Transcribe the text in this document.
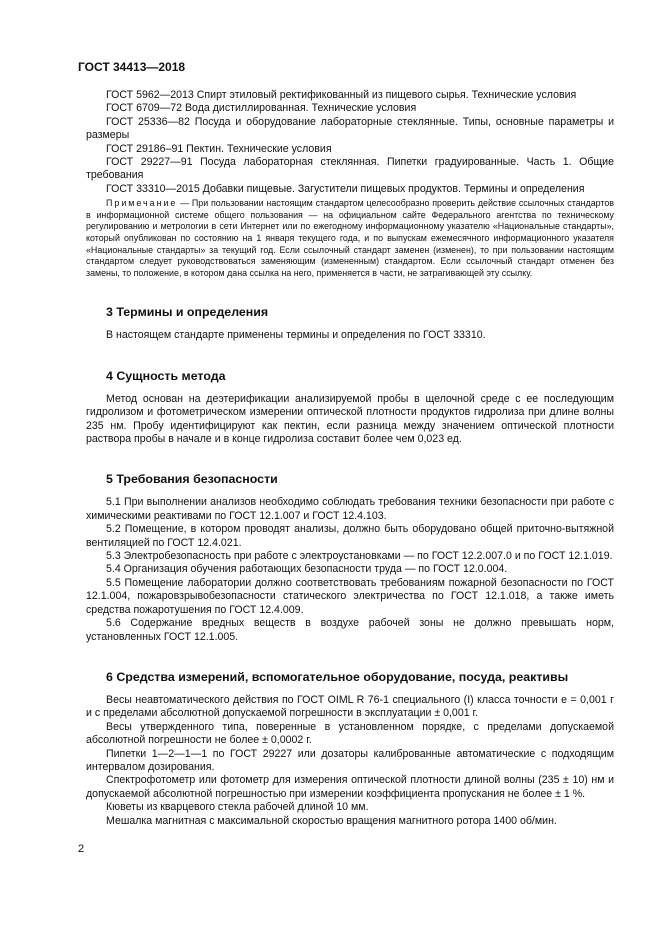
ГОСТ 34413—2018

ГОСТ 5962—2013 Спирт этиловый ректификованный из пищевого сырья. Технические условия

ГОСТ 6709—72 Вода дистиллированная. Технические условия

ГОСТ 25336—82 Посуда и оборудование лабораторные стеклянные. Типы, основные параметры и размеры

ГОСТ 29186–91 Пектин. Технические условия

ГОСТ 29227—91 Посуда лабораторная стеклянная. Пипетки градуированные. Часть 1. Общие требования

ГОСТ 33310—2015 Добавки пищевые. Загустители пищевых продуктов. Термины и определения

Примечание — При пользовании настоящим стандартом целесообразно проверить действие ссылочных стандартов в информационной системе общего пользования — на официальном сайте Федерального агентства по техническому регулированию и метрологии в сети Интернет или по ежегодному информационному указателю «Национальные стандарты», который опубликован по состоянию на 1 января текущего года, и по выпускам ежемесячного информационного указателя «Национальные стандарты» за текущий год. Если ссылочный стандарт заменен (изменен), то при пользовании настоящим стандартом следует руководствоваться заменяющим (измененным) стандартом. Если ссылочный стандарт отменен без замены, то положение, в котором дана ссылка на него, применяется в части, не затрагивающей эту ссылку.

3 Термины и определения

В настоящем стандарте применены термины и определения по ГОСТ 33310.

4 Сущность метода

Метод основан на деэтерификации анализируемой пробы в щелочной среде с ее последующим гидролизом и фотометрическом измерении оптической плотности продуктов гидролиза при длине волны 235 нм. Пробу идентифицируют как пектин, если разница между значением оптической плотности раствора пробы в начале и в конце гидролиза составит более чем 0,023 ед.

5 Требования безопасности

5.1 При выполнении анализов необходимо соблюдать требования техники безопасности при работе с химическими реактивами по ГОСТ 12.1.007 и ГОСТ 12.4.103.

5.2 Помещение, в котором проводят анализы, должно быть оборудовано общей приточно-вытяжной вентиляцией по ГОСТ 12.4.021.

5.3 Электробезопасность при работе с электроустановками — по ГОСТ 12.2.007.0 и по ГОСТ 12.1.019.

5.4 Организация обучения работающих безопасности труда — по ГОСТ 12.0.004.

5.5 Помещение лаборатории должно соответствовать требованиям пожарной безопасности по ГОСТ 12.1.004, пожаровзрывобезопасности статического электричества по ГОСТ 12.1.018, а также иметь средства пожаротушения по ГОСТ 12.4.009.

5.6 Содержание вредных веществ в воздухе рабочей зоны не должно превышать норм, установленных ГОСТ 12.1.005.

6 Средства измерений, вспомогательное оборудование, посуда, реактивы

Весы неавтоматического действия по ГОСТ OIML R 76-1 специального (I) класса точности e = 0,001 г и с пределами абсолютной допускаемой погрешности в эксплуатации ± 0,001 г.

Весы утвержденного типа, поверенные в установленном порядке, с пределами допускаемой абсолютной погрешности не более ± 0,0002 г.

Пипетки 1—2—1—1 по ГОСТ 29227 или дозаторы калиброванные автоматические с подходящим интервалом дозирования.

Спектрофотометр или фотометр для измерения оптической плотности длиной волны (235 ± 10) нм и допускаемой абсолютной погрешностью при измерении коэффициента пропускания не более ± 1 %.

Кюветы из кварцевого стекла рабочей длиной 10 мм.

Мешалка магнитная с максимальной скоростью вращения магнитного ротора 1400 об/мин.

2
